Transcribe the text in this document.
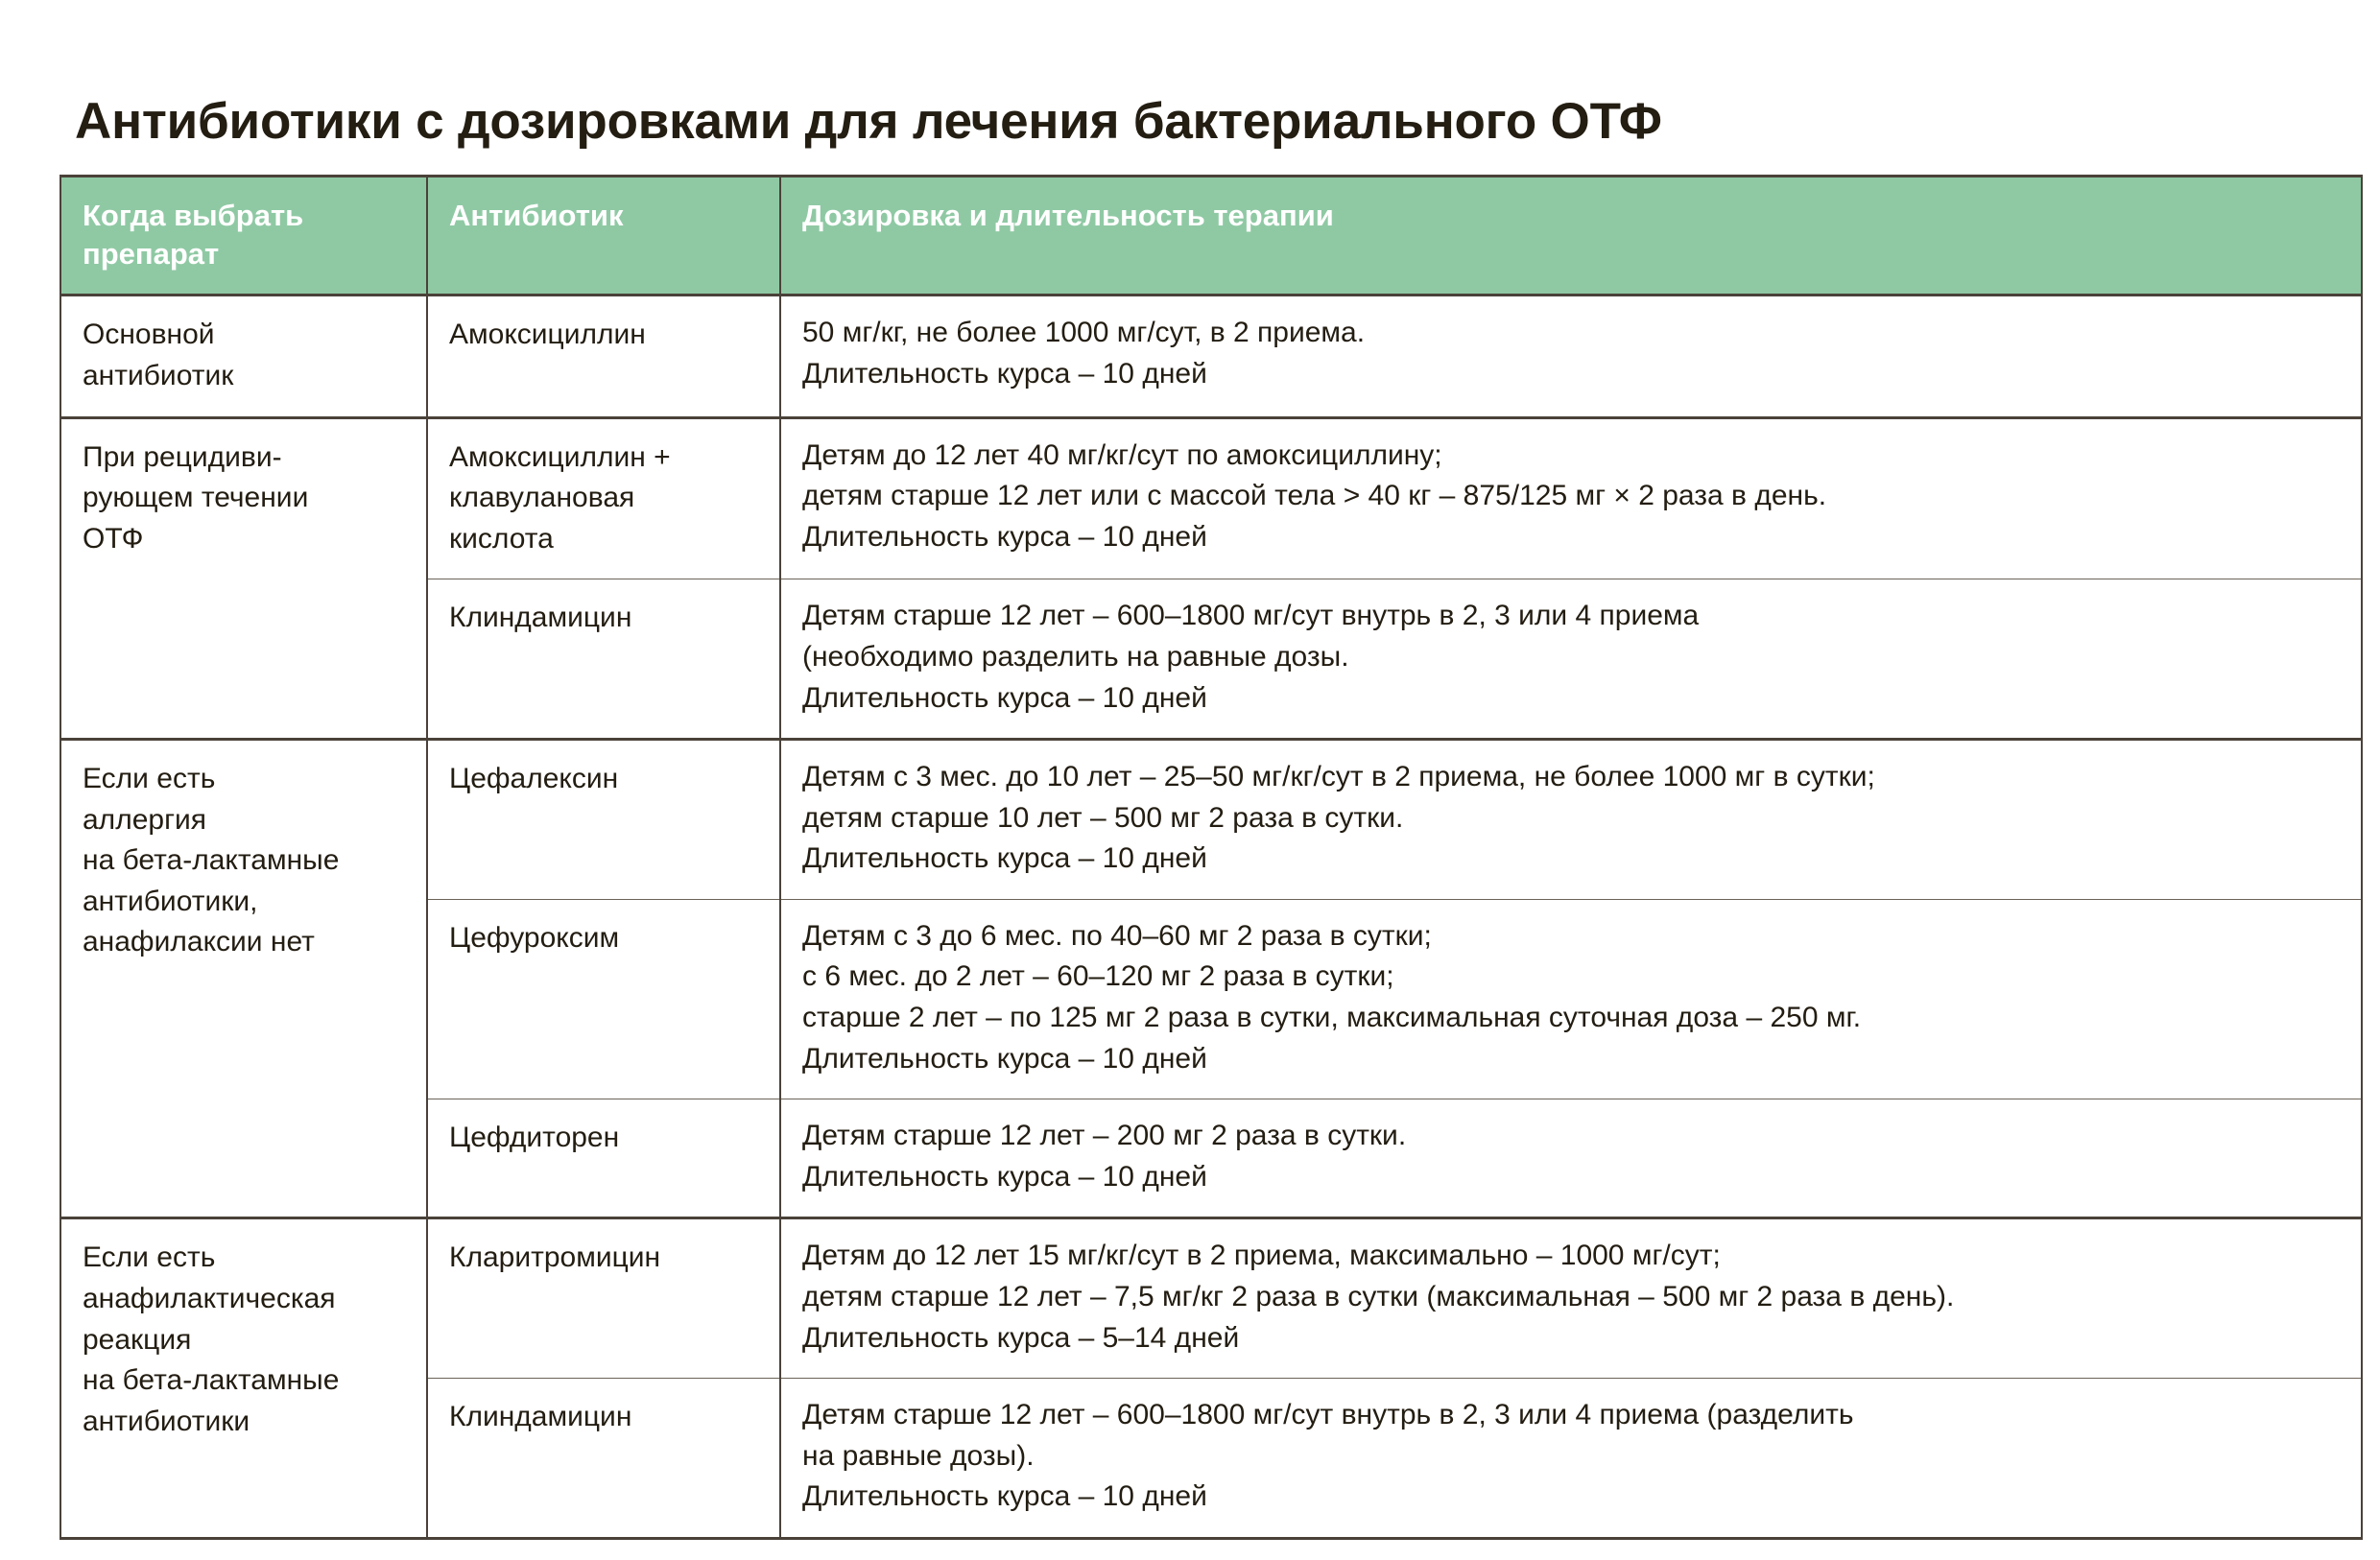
Антибиотики с дозировками для лечения бактериального ОТФ
Когда выбрать
препарат	Антибиотик	Дозировка и длительность терапии

Основной
антибиотик	Амоксициллин	50 мг/кг, не более 1000 мг/сут, в 2 приема.
Длительность курса – 10 дней

При рецидиви-
рующем течении
ОТФ	Амоксициллин +
клавулановая
кислота	Детям до 12 лет 40 мг/кг/сут по амоксициллину;
детям старше 12 лет или с массой тела > 40 кг – 875/125 мг × 2 раза в день.
Длительность курса – 10 дней

	Клиндамицин	Детям старше 12 лет – 600–1800 мг/сут внутрь в 2, 3 или 4 приема
(необходимо разделить на равные дозы.
Длительность курса – 10 дней

Если есть
аллергия
на бета-лактамные
антибиотики,
анафилаксии нет	Цефалексин	Детям с 3 мес. до 10 лет – 25–50 мг/кг/сут в 2 приема, не более 1000 мг в сутки;
детям старше 10 лет – 500 мг 2 раза в сутки.
Длительность курса – 10 дней

	Цефуроксим	Детям с 3 до 6 мес. по 40–60 мг 2 раза в сутки;
с 6 мес. до 2 лет – 60–120 мг 2 раза в сутки;
старше 2 лет – по 125 мг 2 раза в сутки, максимальная суточная доза – 250 мг.
Длительность курса – 10 дней

	Цефдиторен	Детям старше 12 лет – 200 мг 2 раза в сутки.
Длительность курса – 10 дней

Если есть
анафилактическая
реакция
на бета-лактамные
антибиотики	Кларитромицин	Детям до 12 лет 15 мг/кг/сут в 2 приема, максимально – 1000 мг/сут;
детям старше 12 лет – 7,5 мг/кг 2 раза в сутки (максимальная – 500 мг 2 раза в день).
Длительность курса – 5–14 дней

	Клиндамицин	Детям старше 12 лет – 600–1800 мг/сут внутрь в 2, 3 или 4 приема (разделить
на равные дозы).
Длительность курса – 10 дней
